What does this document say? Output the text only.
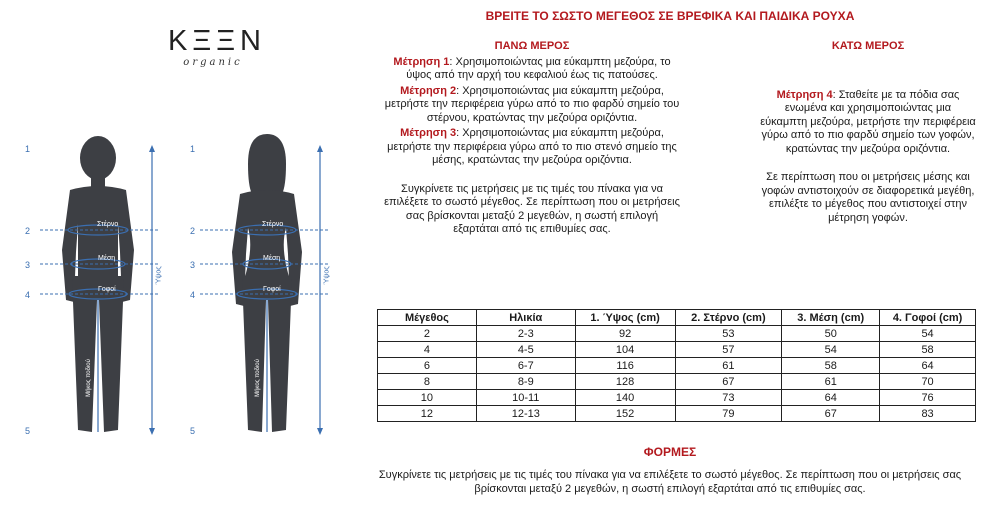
KΞΞN
organic
1
2
3
4
5
1
2
3
4
5
Στέρνο
Μέση
Γοφοί
Στέρνο
Μέση
Γοφοί
Ύψος	Ύψος
Μήκος ποδιού	Μήκος ποδιού
ΒΡΕΙΤΕ ΤΟ ΣΩΣΤΟ ΜΕΓΕΘΟΣ ΣΕ ΒΡΕΦΙΚΑ ΚΑΙ ΠΑΙΔΙΚΑ ΡΟΥΧΑ
ΠΑΝΩ ΜΕΡΟΣ
Μέτρηση 1: Χρησιμοποιώντας μια εύκαμπτη μεζούρα, το ύψος από την αρχή του κεφαλιού έως τις πατούσες.
Μέτρηση 2: Χρησιμοποιώντας μια εύκαμπτη μεζούρα, μετρήστε την περιφέρεια γύρω από το πιο φαρδύ σημείο του στέρνου, κρατώντας την μεζούρα οριζόντια.
Μέτρηση 3: Χρησιμοποιώντας μια εύκαμπτη μεζούρα, μετρήστε την περιφέρεια γύρω από το πιο στενό σημείο της μέσης, κρατώντας την μεζούρα οριζόντια.
Συγκρίνετε τις μετρήσεις με τις τιμές του πίνακα για να επιλέξετε το σωστό μέγεθος. Σε περίπτωση που οι μετρήσεις σας βρίσκονται μεταξύ 2 μεγεθών, η σωστή επιλογή εξαρτάται από τις επιθυμίες σας.
ΚΑΤΩ ΜΕΡΟΣ
Μέτρηση 4: Σταθείτε με τα πόδια σας ενωμένα και χρησιμοποιώντας μια εύκαμπτη μεζούρα, μετρήστε την περιφέρεια γύρω από το πιο φαρδύ σημείο των γοφών, κρατώντας την μεζούρα οριζόντια.
Σε περίπτωση που οι μετρήσεις μέσης και γοφών αντιστοιχούν σε διαφορετικά μεγέθη, επιλέξτε το μέγεθος που αντιστοιχεί στην μέτρηση γοφών.
Μέγεθος	Ηλικία	1. Ύψος (cm)	2. Στέρνο (cm)	3. Μέση (cm)	4. Γοφοί (cm)
2	2-3	92	53	50	54
4	4-5	104	57	54	58
6	6-7	116	61	58	64
8	8-9	128	67	61	70
10	10-11	140	73	64	76
12	12-13	152	79	67	83
ΦΟΡΜΕΣ
Συγκρίνετε τις μετρήσεις με τις τιμές του πίνακα για να επιλέξετε το σωστό μέγεθος. Σε περίπτωση που οι μετρήσεις σας βρίσκονται μεταξύ 2 μεγεθών, η σωστή επιλογή εξαρτάται από τις επιθυμίες σας.
